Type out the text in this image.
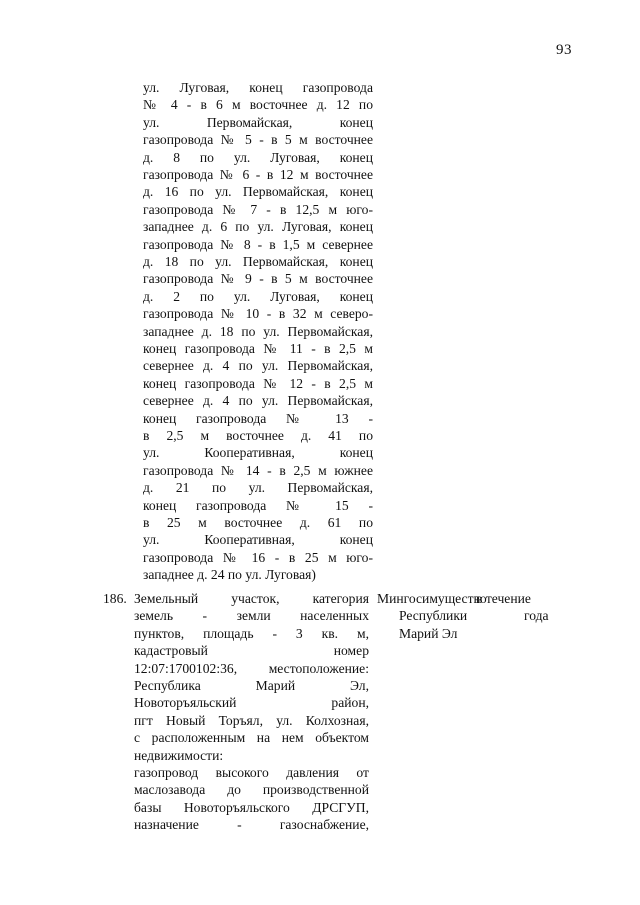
93
ул. Луговая, конец газопровода
№ 4 - в 6 м восточнее д. 12 по
ул. Первомайская, конец
газопровода № 5 - в 5 м восточнее
д. 8 по ул. Луговая, конец
газопровода № 6 - в 12 м восточнее
д. 16 по ул. Первомайская, конец
газопровода № 7 - в 12,5 м юго-
западнее д. 6 по ул. Луговая, конец
газопровода № 8 - в 1,5 м севернее
д. 18 по ул. Первомайская, конец
газопровода № 9 - в 5 м восточнее
д. 2 по ул. Луговая, конец
газопровода № 10 - в 32 м северо-
западнее д. 18 по ул. Первомайская,
конец газопровода № 11 - в 2,5 м
севернее д. 4 по ул. Первомайская,
конец газопровода № 12 - в 2,5 м
севернее д. 4 по ул. Первомайская,
конец газопровода № 13 -
в 2,5 м восточнее д. 41 по
ул. Кооперативная, конец
газопровода № 14 - в 2,5 м южнее
д. 21 по ул. Первомайская,
конец газопровода № 15 -
в 25 м восточнее д. 61 по
ул. Кооперативная, конец
газопровода № 16 - в 25 м юго-
западнее д. 24 по ул. Луговая)
186. Земельный участок, категория
земель - земли населенных
пунктов, площадь - 3 кв. м,
кадастровый номер
12:07:1700102:36, местоположение:
Республика Марий Эл,
Новоторъяльский район,
пгт Новый Торъял, ул. Колхозная,
с расположенным на нем объектом
недвижимости:
газопровод высокого давления от
маслозавода до производственной
базы Новоторъяльского ДРСГУП,
назначение - газоснабжение,
Мингосимущество
Республики
Марий Эл
в течение
года
